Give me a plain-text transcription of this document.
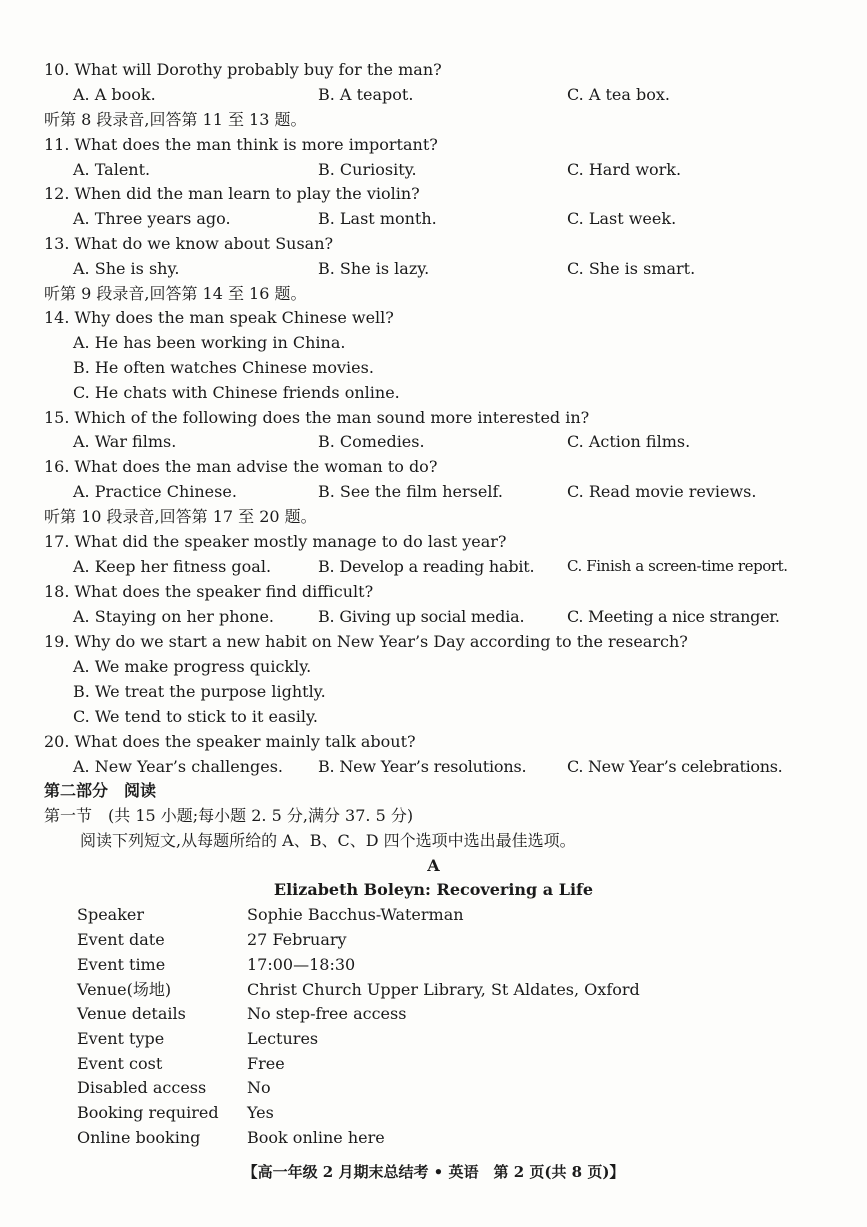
10. What will Dorothy probably buy for the man?
A. A book.	B. A teapot.	C. A tea box.
听第 8 段录音,回答第 11 至 13 题。
11. What does the man think is more important?
A. Talent.	B. Curiosity.	C. Hard work.
12. When did the man learn to play the violin?
A. Three years ago.	B. Last month.	C. Last week.
13. What do we know about Susan?
A. She is shy.	B. She is lazy.	C. She is smart.
听第 9 段录音,回答第 14 至 16 题。
14. Why does the man speak Chinese well?
A. He has been working in China.
B. He often watches Chinese movies.
C. He chats with Chinese friends online.
15. Which of the following does the man sound more interested in?
A. War films.	B. Comedies.	C. Action films.
16. What does the man advise the woman to do?
A. Practice Chinese.	B. See the film herself.	C. Read movie reviews.
听第 10 段录音,回答第 17 至 20 题。
17. What did the speaker mostly manage to do last year?
A. Keep her fitness goal.	B. Develop a reading habit. C. Finish a screen-time report.
18. What does the speaker find difficult?
A. Staying on her phone.	B. Giving up social media.	C. Meeting a nice stranger.
19. Why do we start a new habit on New Year’s Day according to the research?
A. We make progress quickly.
B. We treat the purpose lightly.
C. We tend to stick to it easily.
20. What does the speaker mainly talk about?
A. New Year’s challenges. B. New Year’s resolutions.	C. New Year’s celebrations.
第二部分　阅读
第一节　(共 15 小题;每小题 2. 5 分,满分 37. 5 分)
阅读下列短文,从每题所给的 A、B、C、D 四个选项中选出最佳选项。
A
Elizabeth Boleyn: Recovering a Life
Speaker	Sophie Bacchus-Waterman
Event date	27 February
Event time	17:00—18:30
Venue(场地)	Christ Church Upper Library, St Aldates, Oxford
Venue details	No step-free access
Event type	Lectures
Event cost	Free
Disabled access	No
Booking required Yes
Online booking	Book online here
【高一年级 2 月期末总结考 • 英语　第 2 页(共 8 页)】
